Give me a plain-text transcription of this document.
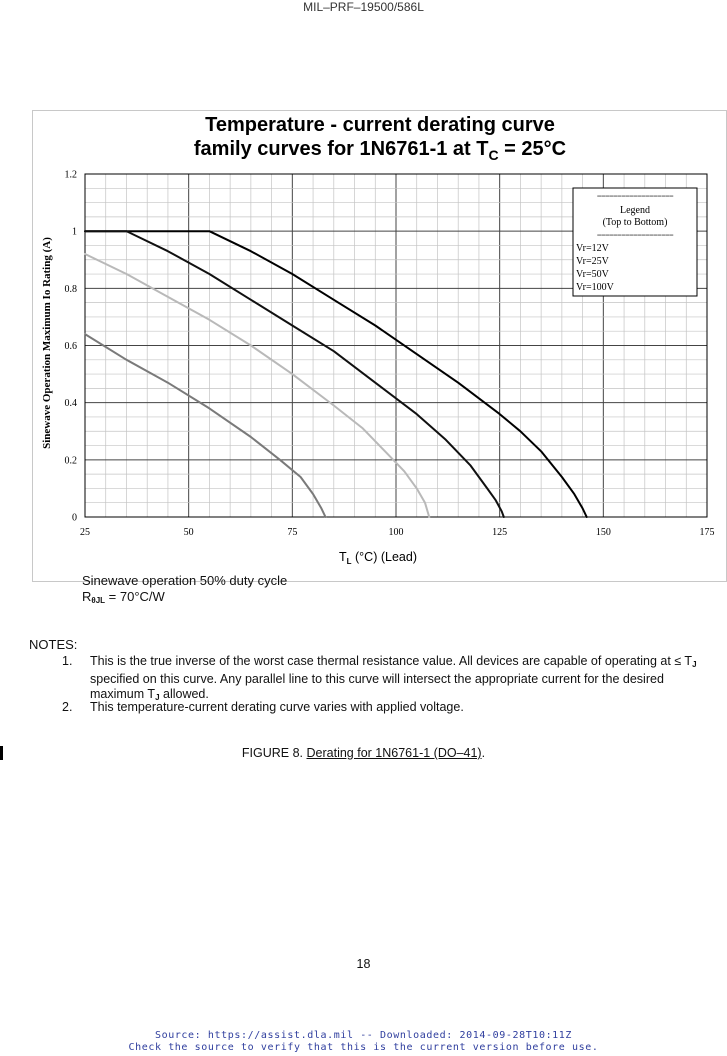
MIL–PRF–19500/586L
25	50	75	100	125	150	175
0
0.2
0.4
0.6
0.8
1
1.2
Temperature - current derating curve
family curves for 1N6761-1 at $T_C = 25^\circ C$
Sinewave Operation Maximum Io Rating (A)
$T_L$ (°C) (Lead)
===================
Legend
(Top to Bottom)
===================
Vr=12V
Vr=25V
Vr=50V
Vr=100V
Sinewave operation 50% duty cycle
$R_{\theta JL} = 70^\circ C/W$
NOTES:
1. This is the true inverse of the worst case thermal resistance value. All devices are capable of operating at ≤ $T_J$ specified on this curve. Any parallel line to this curve will intersect the appropriate current for the desired maximum $T_J$ allowed.
2. This temperature-current derating curve varies with applied voltage.
FIGURE 8. Derating for 1N6761-1 (DO–41).
18
Source: https://assist.dla.mil -- Downloaded: 2014-09-28T10:11Z
Check the source to verify that this is the current version before use.
